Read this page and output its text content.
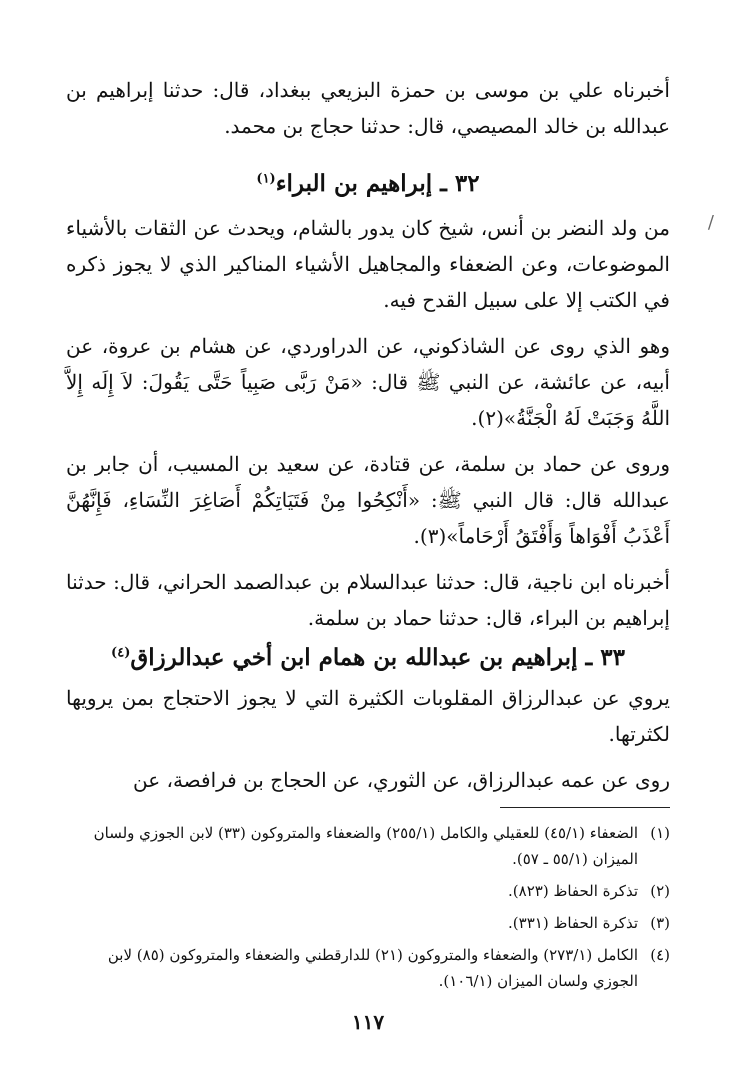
أخبرناه علي بن موسى بن حمزة البزيعي ببغداد، قال: حدثنا إبراهيم بن عبدالله بن خالد المصيصي، قال: حدثنا حجاج بن محمد.

٣٢ ـ إبراهيم بن البراء$^{(١)}$
/

من ولد النضر بن أنس، شيخ كان يدور بالشام، ويحدث عن الثقات بالأشياء الموضوعات، وعن الضعفاء والمجاهيل الأشياء المناكير الذي لا يجوز ذكره في الكتب إلا على سبيل القدح فيه.

وهو الذي روى عن الشاذكوني، عن الدراوردي، عن هشام بن عروة، عن أبيه، عن عائشة، عن النبي ﷺ قال: «مَنْ رَبَّى صَبِياً حَتَّى يَقُولَ: لاَ إِلَه إِلاَّ اللَّهُ وَجَبَتْ لَهُ الْجَنَّةُ»(٢).

وروى عن حماد بن سلمة، عن قتادة، عن سعيد بن المسيب، أن جابر بن عبدالله قال: قال النبي ﷺ: «أَنْكِحُوا مِنْ فَتَيَاتِكُمْ أَصَاغِرَ النِّسَاءِ، فَإِنَّهُنَّ أَعْذَبُ أَفْوَاهاً وَأَفْتَقُ أَرْحَاماً»(٣).

أخبرناه ابن ناجية، قال: حدثنا عبدالسلام بن عبدالصمد الحراني، قال: حدثنا إبراهيم بن البراء، قال: حدثنا حماد بن سلمة.

٣٣ ـ إبراهيم بن عبدالله بن همام ابن أخي عبدالرزاق$^{(٤)}$

يروي عن عبدالرزاق المقلوبات الكثيرة التي لا يجوز الاحتجاج بمن يرويها لكثرتها.

روى عن عمه عبدالرزاق، عن الثوري، عن الحجاج بن فرافصة، عن

(١)
الضعفاء (٤٥/١) للعقيلي والكامل (٢٥٥/١) والضعفاء والمتروكون (٣٣) لابن الجوزي ولسان الميزان (٥٥/١ ـ ٥٧).
(٢)
تذكرة الحفاظ (٨٢٣).
(٣)
تذكرة الحفاظ (٣٣١).
(٤)
الكامل (٢٧٣/١) والضعفاء والمتروكون (٢١) للدارقطني والضعفاء والمتروكون (٨٥) لابن الجوزي ولسان الميزان (١٠٦/١).
١١٧
